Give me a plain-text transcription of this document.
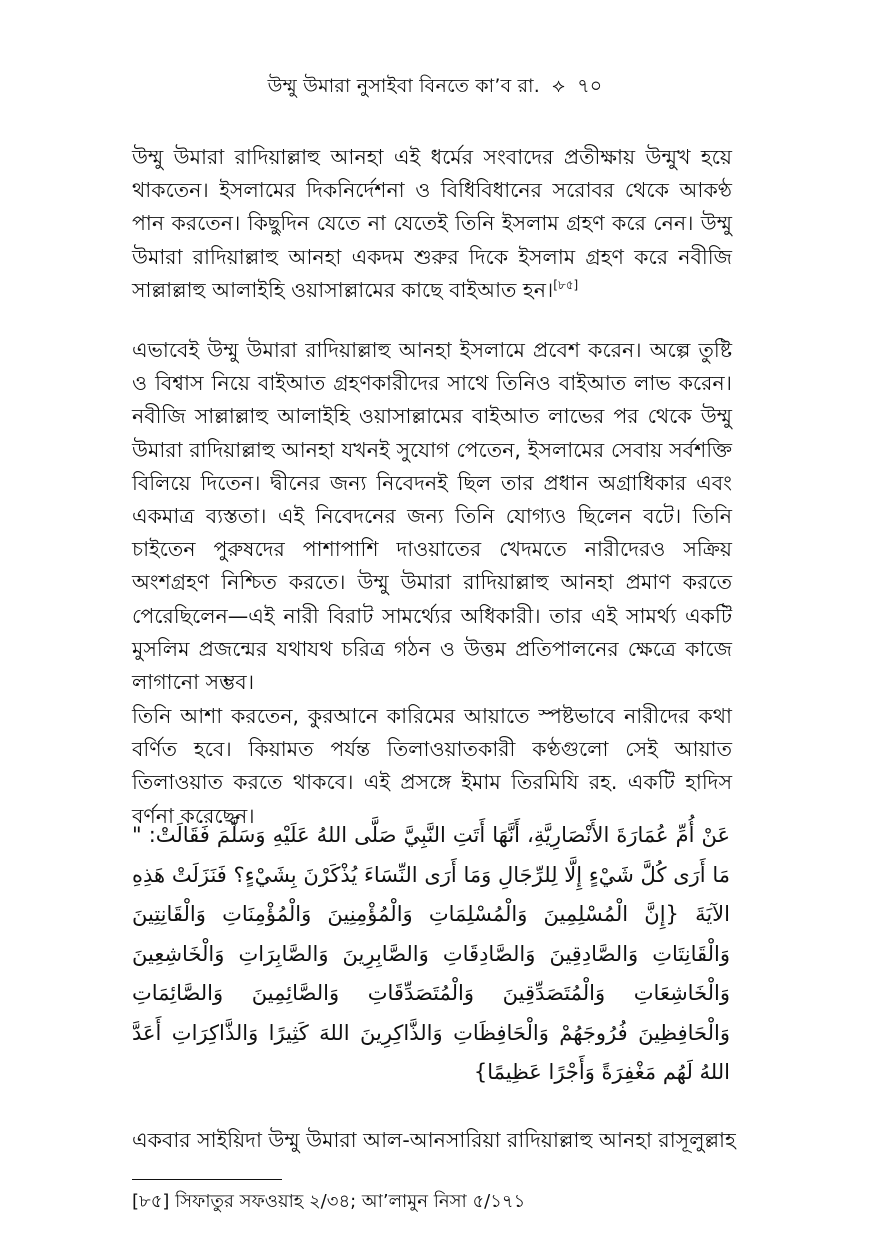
উম্মু উমারা নুসাইবা বিনতে কা’ব রা. ⟡ ৭০

উম্মু উমারা রাদিয়াল্লাহু আনহা এই ধর্মের সংবাদের প্রতীক্ষায় উন্মুখ হয়ে থাকতেন। ইসলামের দিকনির্দেশনা ও বিধিবিধানের সরোবর থেকে আকণ্ঠ পান করতেন। কিছুদিন যেতে না যেতেই তিনি ইসলাম গ্রহণ করে নেন। উম্মু উমারা রাদিয়াল্লাহু আনহা একদম শুরুর দিকে ইসলাম গ্রহণ করে নবীজি সাল্লাল্লাহু আলাইহি ওয়াসাল্লামের কাছে বাইআত হন।[৮৫]

এভাবেই উম্মু উমারা রাদিয়াল্লাহু আনহা ইসলামে প্রবেশ করেন। অল্পে তুষ্টি ও বিশ্বাস নিয়ে বাইআত গ্রহণকারীদের সাথে তিনিও বাইআত লাভ করেন। নবীজি সাল্লাল্লাহু আলাইহি ওয়াসাল্লামের বাইআত লাভের পর থেকে উম্মু উমারা রাদিয়াল্লাহু আনহা যখনই সুযোগ পেতেন, ইসলামের সেবায় সর্বশক্তি বিলিয়ে দিতেন। দ্বীনের জন্য নিবেদনই ছিল তার প্রধান অগ্রাধিকার এবং একমাত্র ব্যস্ততা। এই নিবেদনের জন্য তিনি যোগ্যও ছিলেন বটে। তিনি চাইতেন পুরুষদের পাশাপাশি দাওয়াতের খেদমতে নারীদেরও সক্রিয় অংশগ্রহণ নিশ্চিত করতে। উম্মু উমারা রাদিয়াল্লাহু আনহা প্রমাণ করতে পেরেছিলেন—এই নারী বিরাট সামর্থ্যের অধিকারী। তার এই সামর্থ্য একটি মুসলিম প্রজন্মের যথাযথ চরিত্র গঠন ও উত্তম প্রতিপালনের ক্ষেত্রে কাজে লাগানো সম্ভব।

তিনি আশা করতেন, কুরআনে কারিমের আয়াতে স্পষ্টভাবে নারীদের কথা বর্ণিত হবে। কিয়ামত পর্যন্ত তিলাওয়াতকারী কণ্ঠগুলো সেই আয়াত তিলাওয়াত করতে থাকবে। এই প্রসঙ্গে ইমাম তিরমিযি রহ. একটি হাদিস বর্ণনা করেছেন।

عَنْ أُمِّ عُمَارَةَ الأَنْصَارِيَّةِ، أَنَّهَا أَتَتِ النَّبِيَّ صَلَّى اللهُ عَلَيْهِ وَسَلَّمَ فَقَالَتْ: " مَا أَرَى كُلَّ شَيْءٍ إِلَّا لِلرِّجَالِ وَمَا أَرَى النِّسَاءَ يُذْكَرْنَ بِشَيْءٍ؟ فَنَزَلَتْ هَذِهِ الآيَةَ {إِنَّ الْمُسْلِمِينَ وَالْمُسْلِمَاتِ وَالْمُؤْمِنِينَ وَالْمُؤْمِنَاتِ وَالْقَانِتِينَ وَالْقَانِتَاتِ وَالصَّادِقِينَ وَالصَّادِقَاتِ وَالصَّابِرِينَ وَالصَّابِرَاتِ وَالْخَاشِعِينَ وَالْخَاشِعَاتِ وَالْمُتَصَدِّقِينَ وَالْمُتَصَدِّقَاتِ وَالصَّائِمِينَ وَالصَّائِمَاتِ وَالْحَافِظِينَ فُرُوجَهُمْ وَالْحَافِظَاتِ وَالذَّاكِرِينَ اللهَ كَثِيرًا وَالذَّاكِرَاتِ أَعَدَّ اللهُ لَهُم مَغْفِرَةً وَأَجْرًا عَظِيمًا}
একবার সাইয়িদা উম্মু উমারা আল-আনসারিয়া রাদিয়াল্লাহু আনহা রাসূলুল্লাহ
[৮৫] সিফাতুর সফওয়াহ ২/৩৪; আ’লামুন নিসা ৫/১৭১
